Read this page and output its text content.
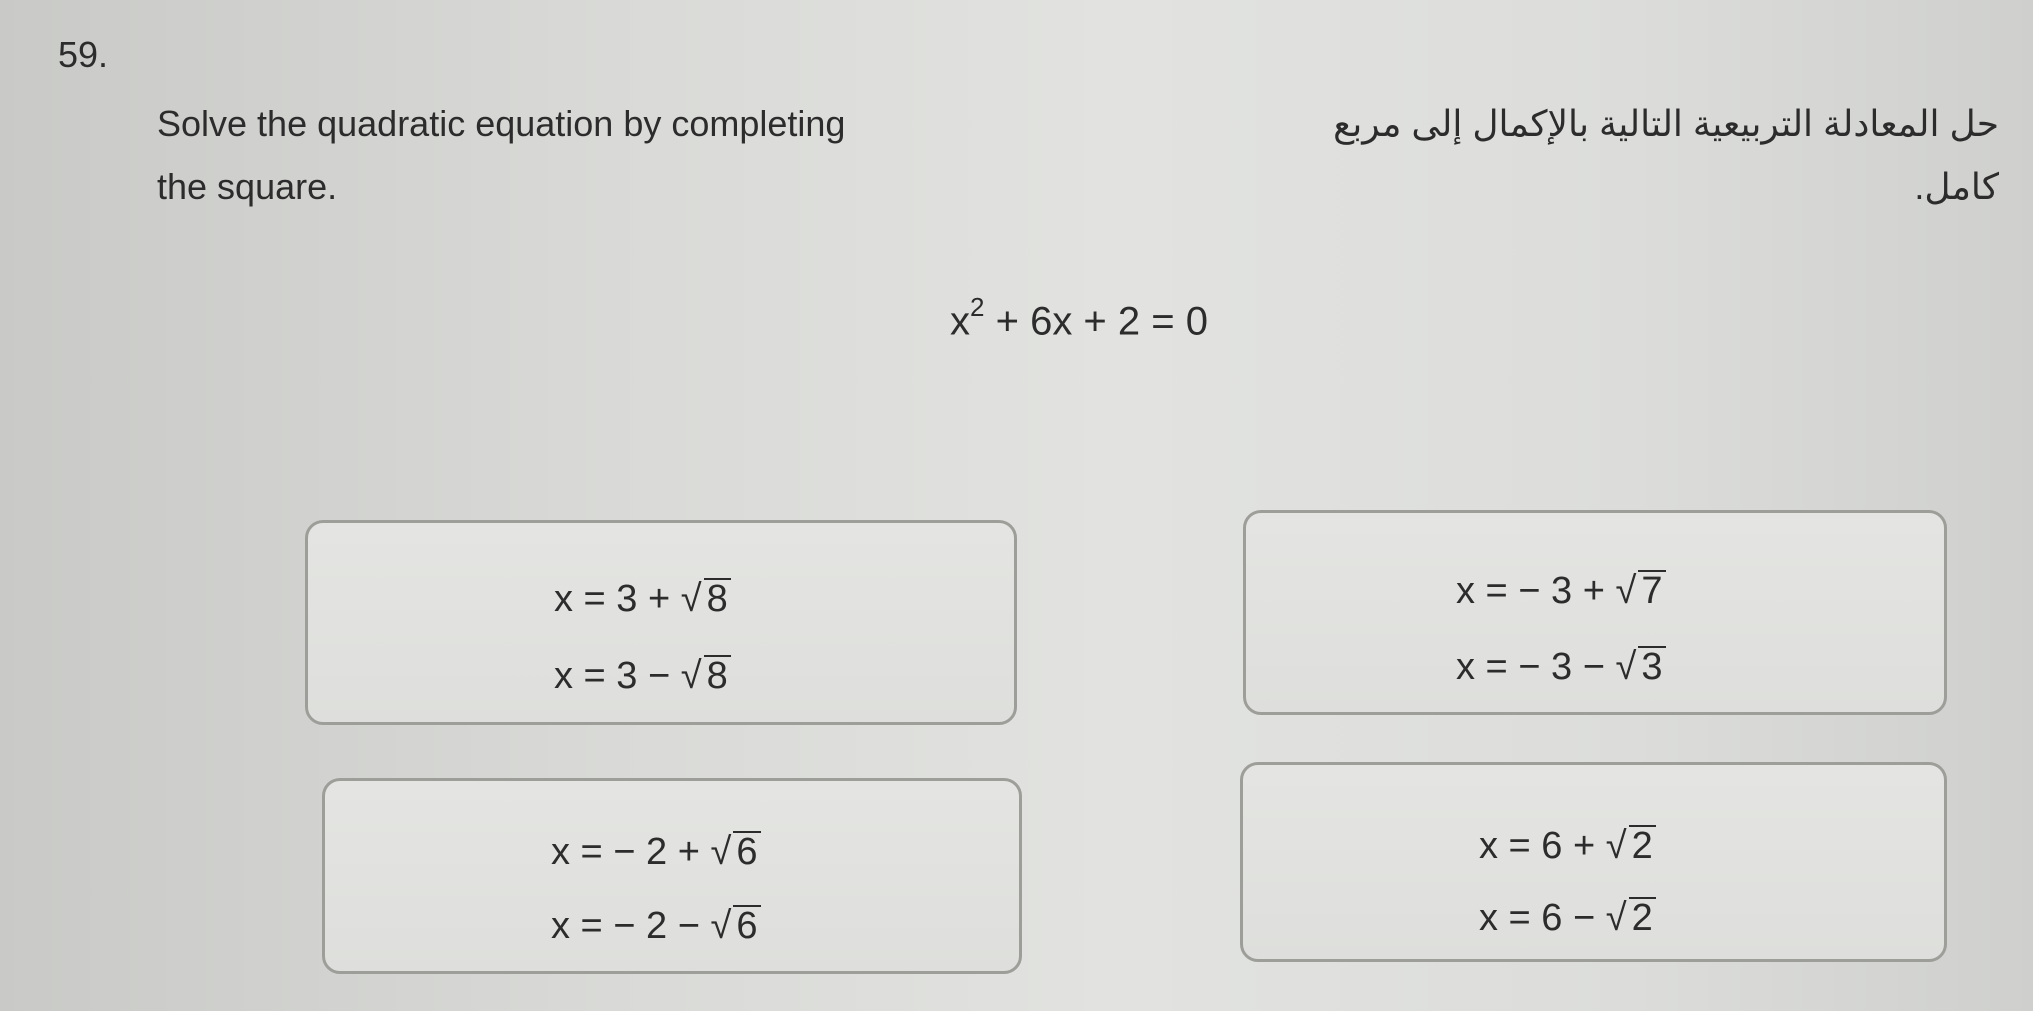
59.
Solve the quadratic equation by completing
the square.
حل المعادلة التربيعية التالية بالإكمال إلى مربع
كامل.
$x^2 + 6x + 2 = 0$
x = 3 + √ 8
x = 3 − √ 8
x = − 3 + √ 7
x = − 3 − √ 3
x = − 2 + √ 6
x = − 2 − √ 6
x = 6 + √ 2
x = 6 − √ 2
